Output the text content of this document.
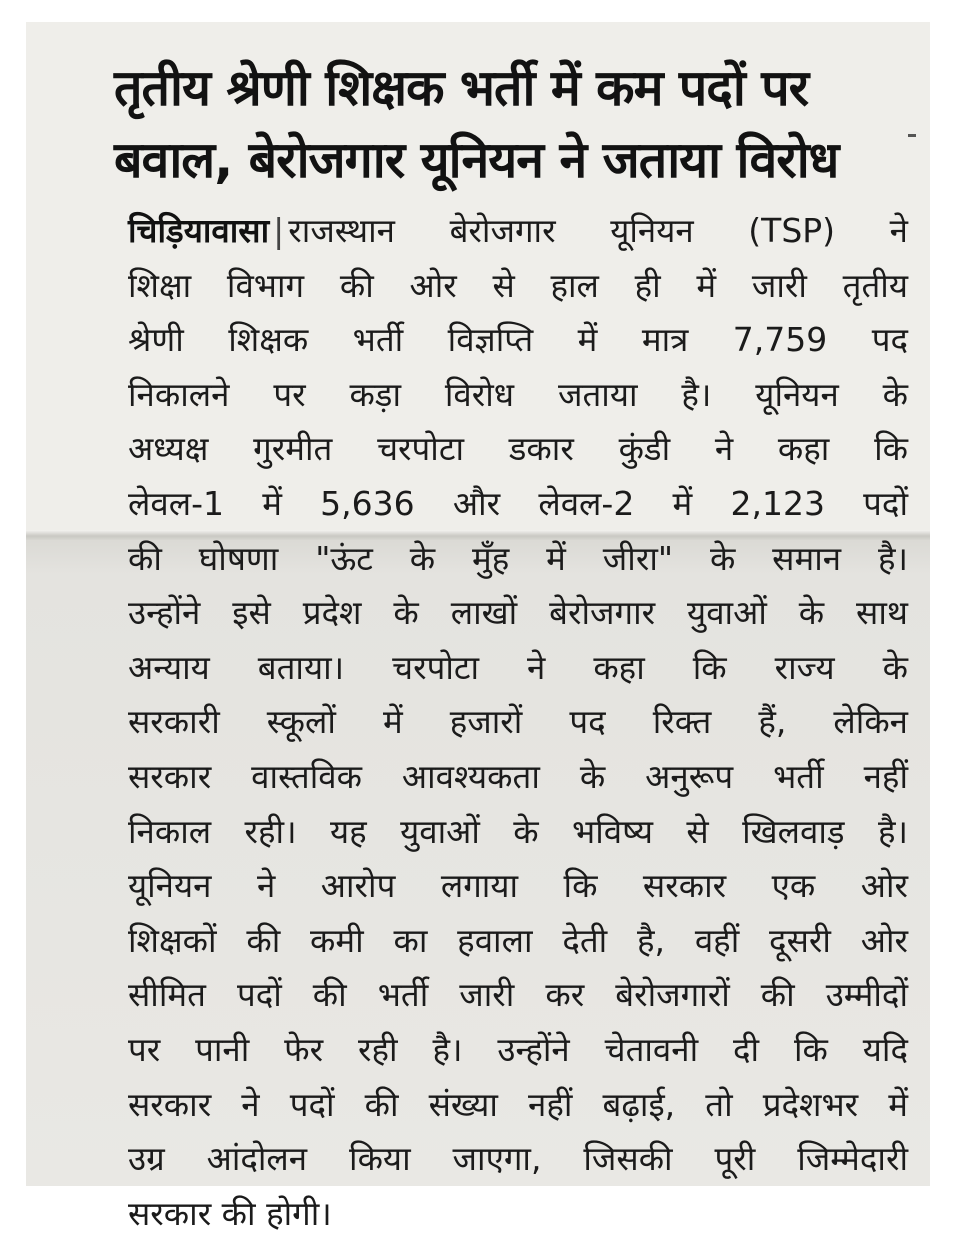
तृतीय श्रेणी शिक्षक भर्ती में कम पदों पर
बवाल, बेरोजगार यूनियन ने जताया विरोध
चिड़ियावासा | राजस्थान बेरोजगार यूनियन (TSP) ने
शिक्षा विभाग की ओर से हाल ही में जारी तृतीय
श्रेणी शिक्षक भर्ती विज्ञप्ति में मात्र 7,759 पद
निकालने पर कड़ा विरोध जताया है। यूनियन के
अध्यक्ष गुरमीत चरपोटा डकार कुंडी ने कहा कि
लेवल-1 में 5,636 और लेवल-2 में 2,123 पदों
की घोषणा "ऊंट के मुँह में जीरा" के समान है।
उन्होंने इसे प्रदेश के लाखों बेरोजगार युवाओं के साथ
अन्याय बताया। चरपोटा ने कहा कि राज्य के
सरकारी स्कूलों में हजारों पद रिक्त हैं, लेकिन
सरकार वास्तविक आवश्यकता के अनुरूप भर्ती नहीं
निकाल रही। यह युवाओं के भविष्य से खिलवाड़ है।
यूनियन ने आरोप लगाया कि सरकार एक ओर
शिक्षकों की कमी का हवाला देती है, वहीं दूसरी ओर
सीमित पदों की भर्ती जारी कर बेरोजगारों की उम्मीदों
पर पानी फेर रही है। उन्होंने चेतावनी दी कि यदि
सरकार ने पदों की संख्या नहीं बढ़ाई, तो प्रदेशभर में
उग्र आंदोलन किया जाएगा, जिसकी पूरी जिम्मेदारी
सरकार की होगी।
